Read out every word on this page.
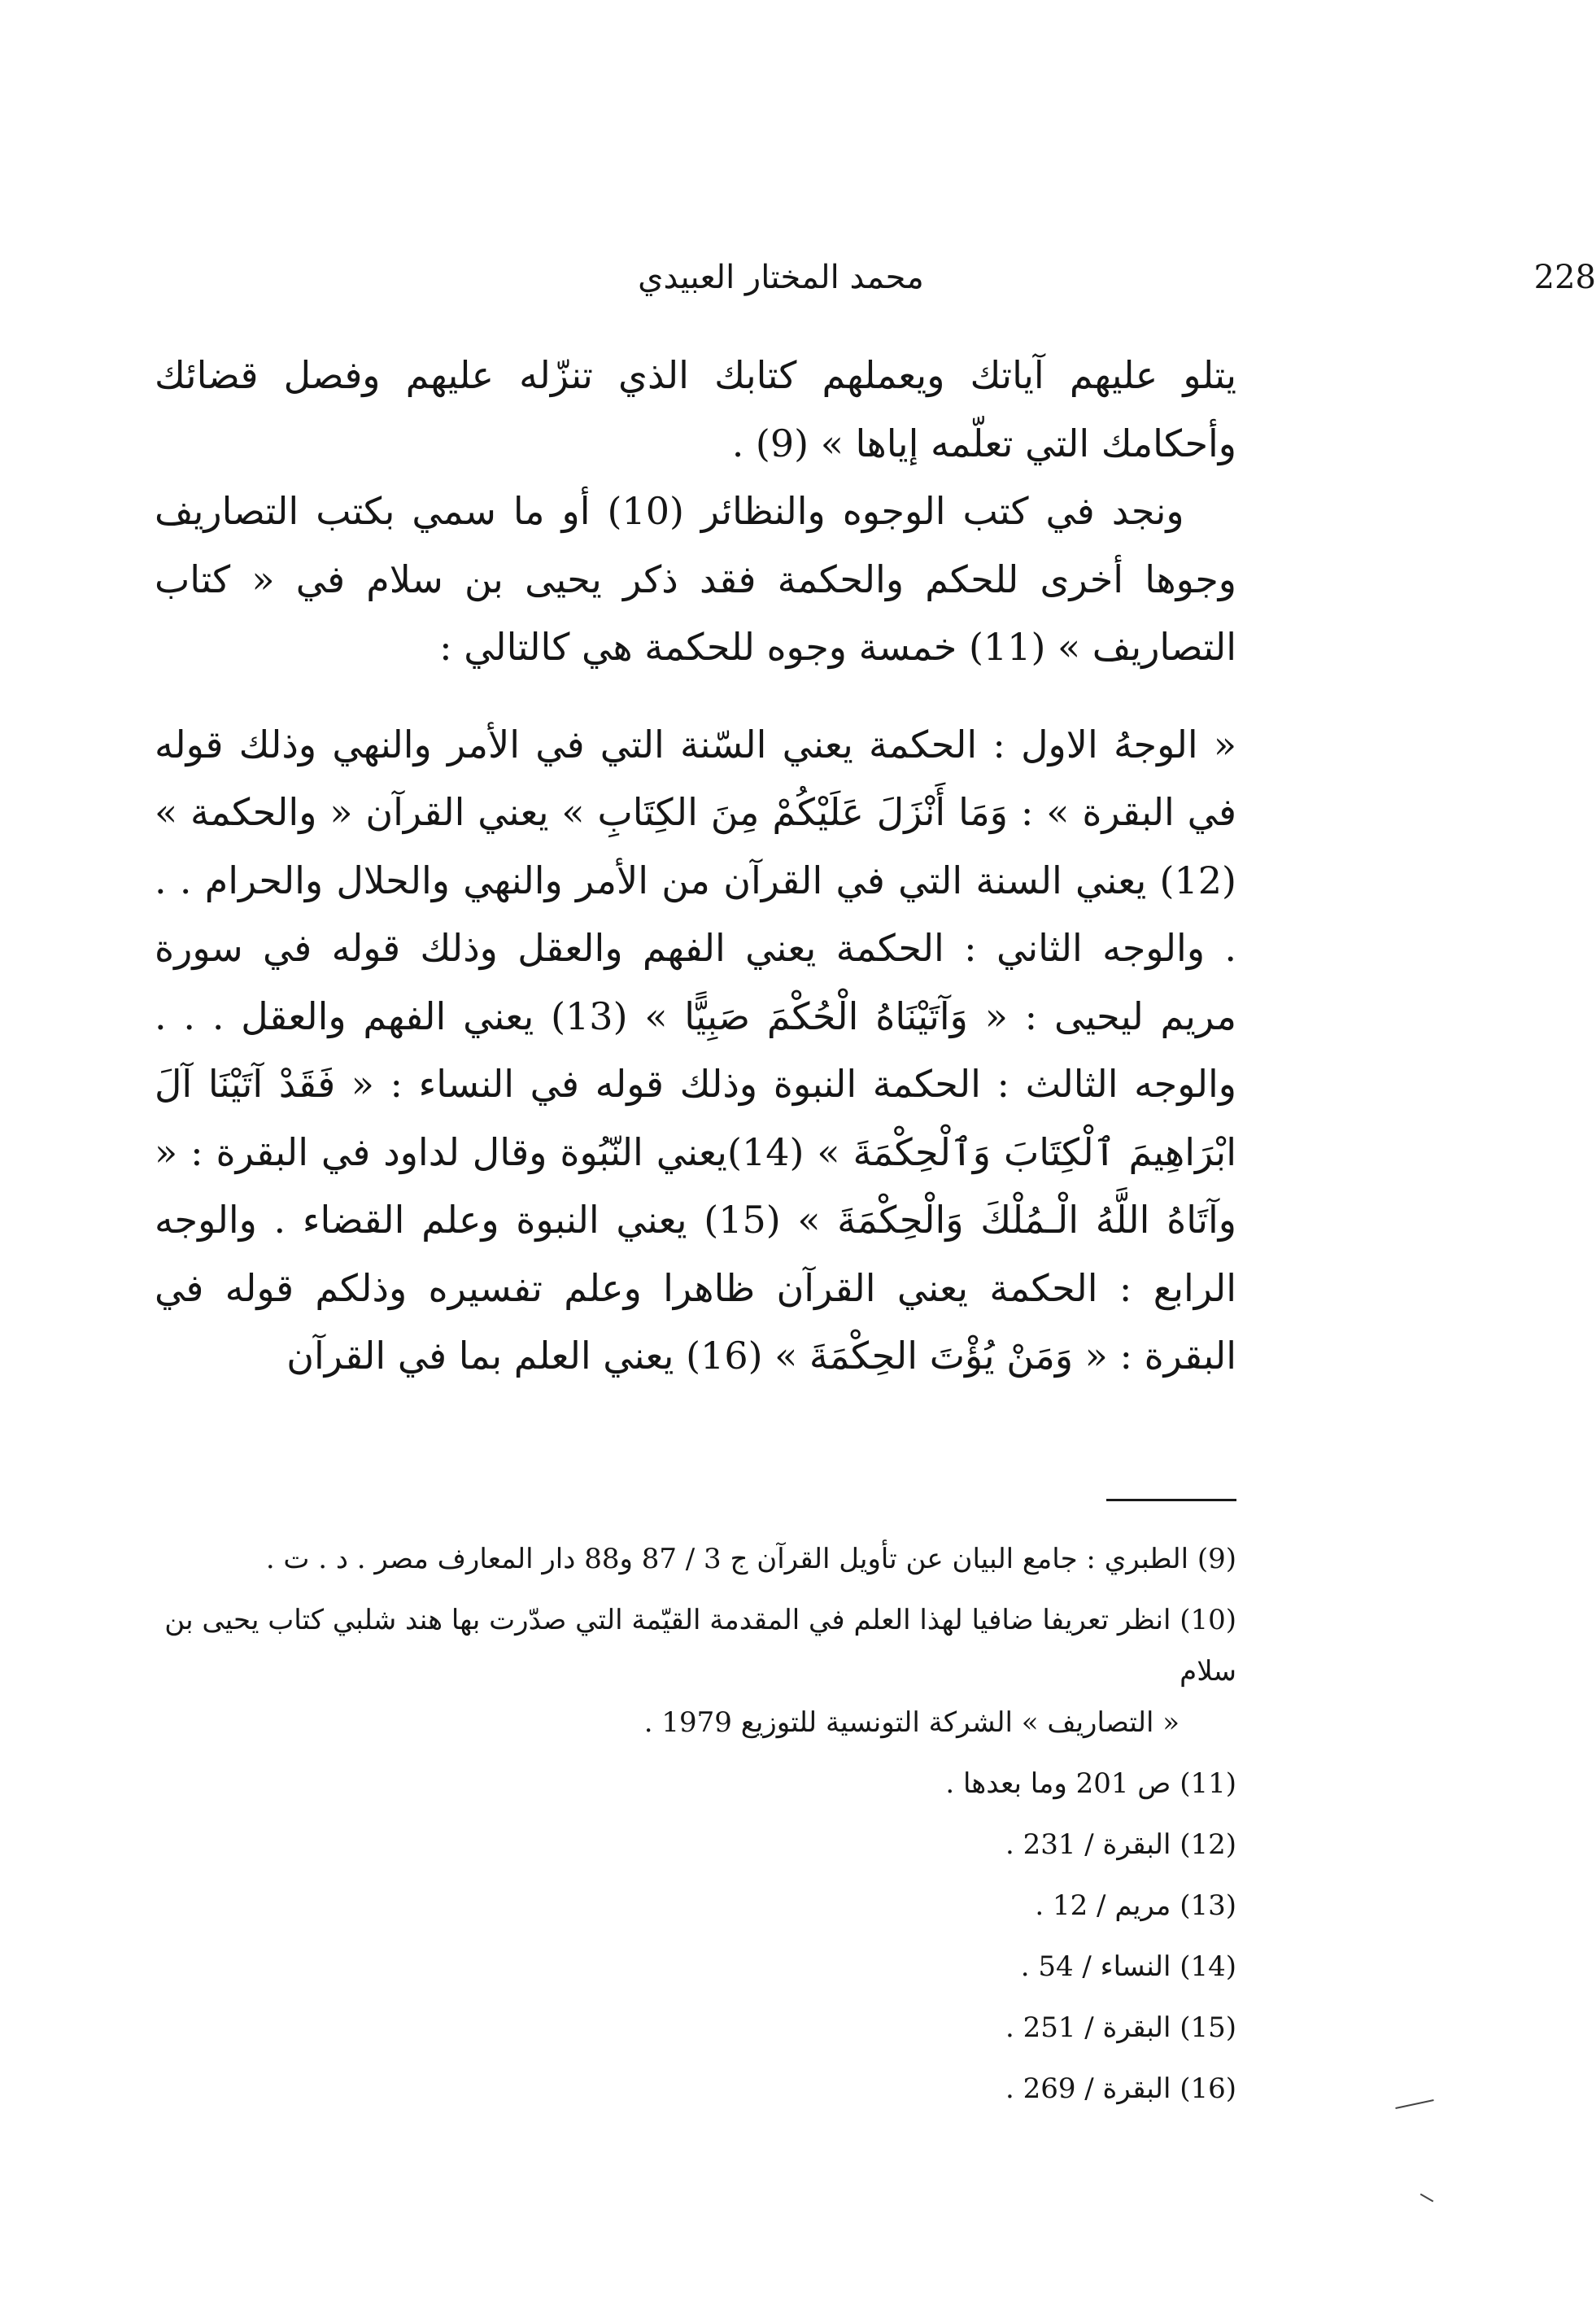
محمد المختار العبيدي	228

يتلو عليهم آياتك ويعملهم كتابك الذي تنزّله عليهم وفصل قضائك وأحكامك التي تعلّمه إياها » (9) .

ونجد في كتب الوجوه والنظائر (10) أو ما سمي بكتب التصاريف وجوها أخرى للحكم والحكمة فقد ذكر يحيى بن سلام في « كتاب التصاريف » (11) خمسة وجوه للحكمة هي كالتالي :

« الوجهُ الاول : الحكمة يعني السّنة التي في الأمر والنهي وذلك قوله في البقرة » : وَمَا أَنْزَلَ عَلَيْكُمْ مِنَ الكِتَابِ » يعني القرآن « والحكمة » (12) يعني السنة التي في القرآن من الأمر والنهي والحلال والحرام . . . والوجه الثاني : الحكمة يعني الفهم والعقل وذلك قوله في سورة مريم ليحيى : « وَآتَيْنَاهُ الْحُكْمَ صَبِيًّا » (13) يعني الفهم والعقل . . . والوجه الثالث : الحكمة النبوة وذلك قوله في النساء : « فَقَدْ آتَيْنَا آلَ ابْرَاهِيمَ ٱلْكِتَابَ وَٱلْحِكْمَةَ » (14)يعني النّبُوة وقال لداود في البقرة : « وآتَاهُ اللَّهُ الْـمُلْكَ وَالْحِكْمَةَ » (15) يعني النبوة وعلم القضاء . والوجه الرابع : الحكمة يعني القرآن ظاهرا وعلم تفسيره وذلكم قوله في البقرة : « وَمَنْ يُؤْتَ الحِكْمَةَ » (16) يعني العلم بما في القرآن

(9) الطبري : جامع البيان عن تأويل القرآن ج 3 / 87 و88 دار المعارف مصر . د . ت .

(10) انظر تعريفا ضافيا لهذا العلم في المقدمة القيّمة التي صدّرت بها هند شلبي كتاب يحيى بن سلام
« التصاريف » الشركة التونسية للتوزيع 1979 .

(11) ص 201 وما بعدها .

(12) البقرة / 231 .

(13) مريم / 12 .

(14) النساء / 54 .

(15) البقرة / 251 .

(16) البقرة / 269 .
